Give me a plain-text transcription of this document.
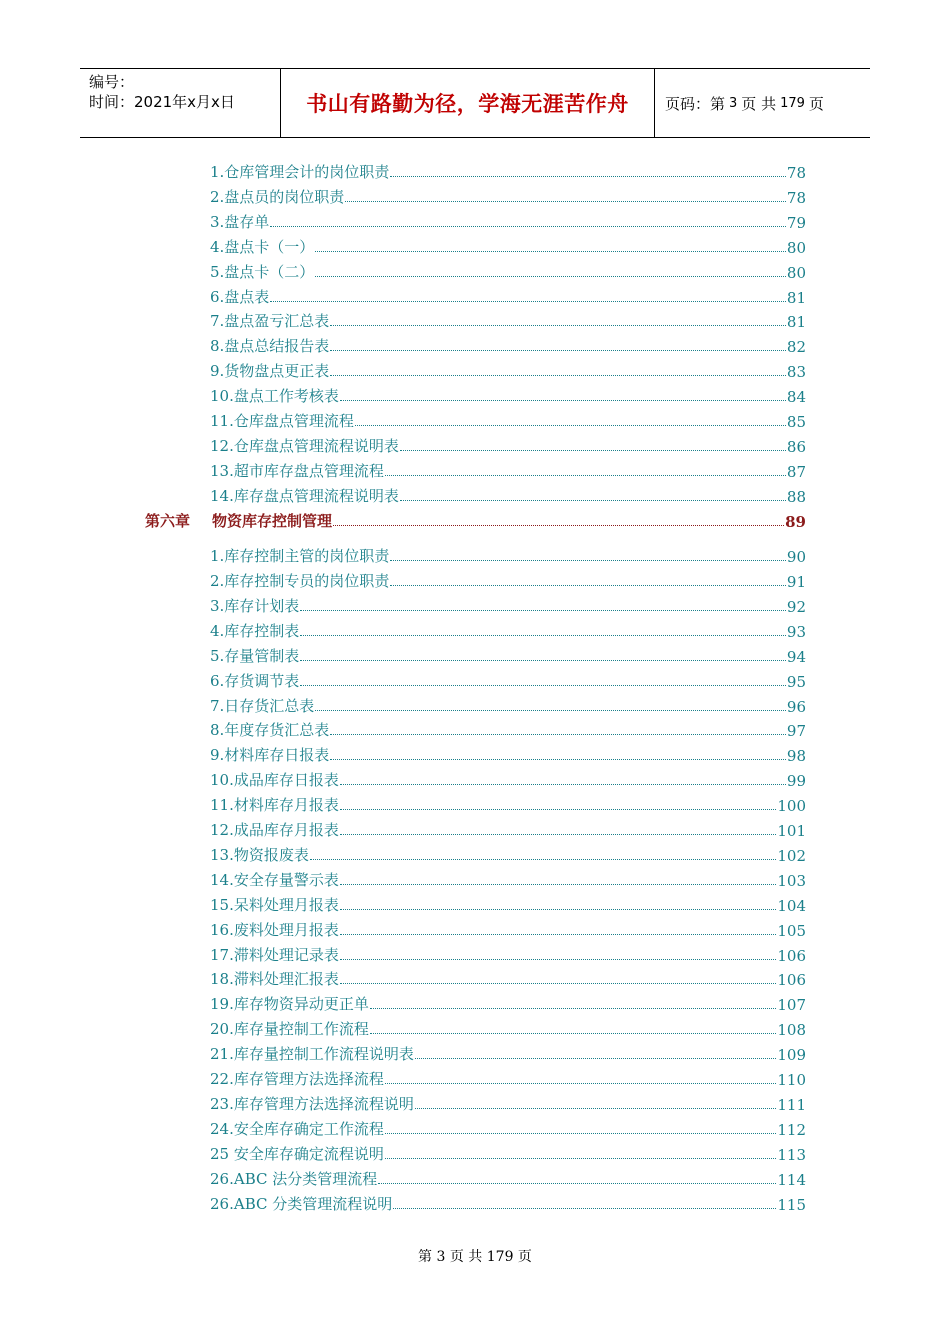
编号：
时间：2021年x月x日	书山有路勤为径，学海无涯苦作舟	页码：第 3 页 共 179 页
1.仓库管理会计的岗位职责	78
2.盘点员的岗位职责	78
3.盘存单	79
4.盘点卡（一）	80
5.盘点卡（二）	80
6.盘点表	81
7.盘点盈亏汇总表	81
8.盘点总结报告表	82
9.货物盘点更正表	83
10.盘点工作考核表	84
11.仓库盘点管理流程	85
12.仓库盘点管理流程说明表	86
13.超市库存盘点管理流程	87
14.库存盘点管理流程说明表	88
第六章 物资库存控制管理	89
1.库存控制主管的岗位职责	90
2.库存控制专员的岗位职责	91
3.库存计划表	92
4.库存控制表	93
5.存量管制表	94
6.存货调节表	95
7.日存货汇总表	96
8.年度存货汇总表	97
9.材料库存日报表	98
10.成品库存日报表	99
11.材料库存月报表	100
12.成品库存月报表	101
13.物资报废表	102
14.安全存量警示表	103
15.呆料处理月报表	104
16.废料处理月报表	105
17.滞料处理记录表	106
18.滞料处理汇报表	106
19.库存物资异动更正单	107
20.库存量控制工作流程	108
21.库存量控制工作流程说明表	109
22.库存管理方法选择流程	110
23.库存管理方法选择流程说明	111
24.安全库存确定工作流程	112
25 安全库存确定流程说明	113
26.ABC 法分类管理流程	114
26.ABC 分类管理流程说明	115
第 3 页 共 179 页
